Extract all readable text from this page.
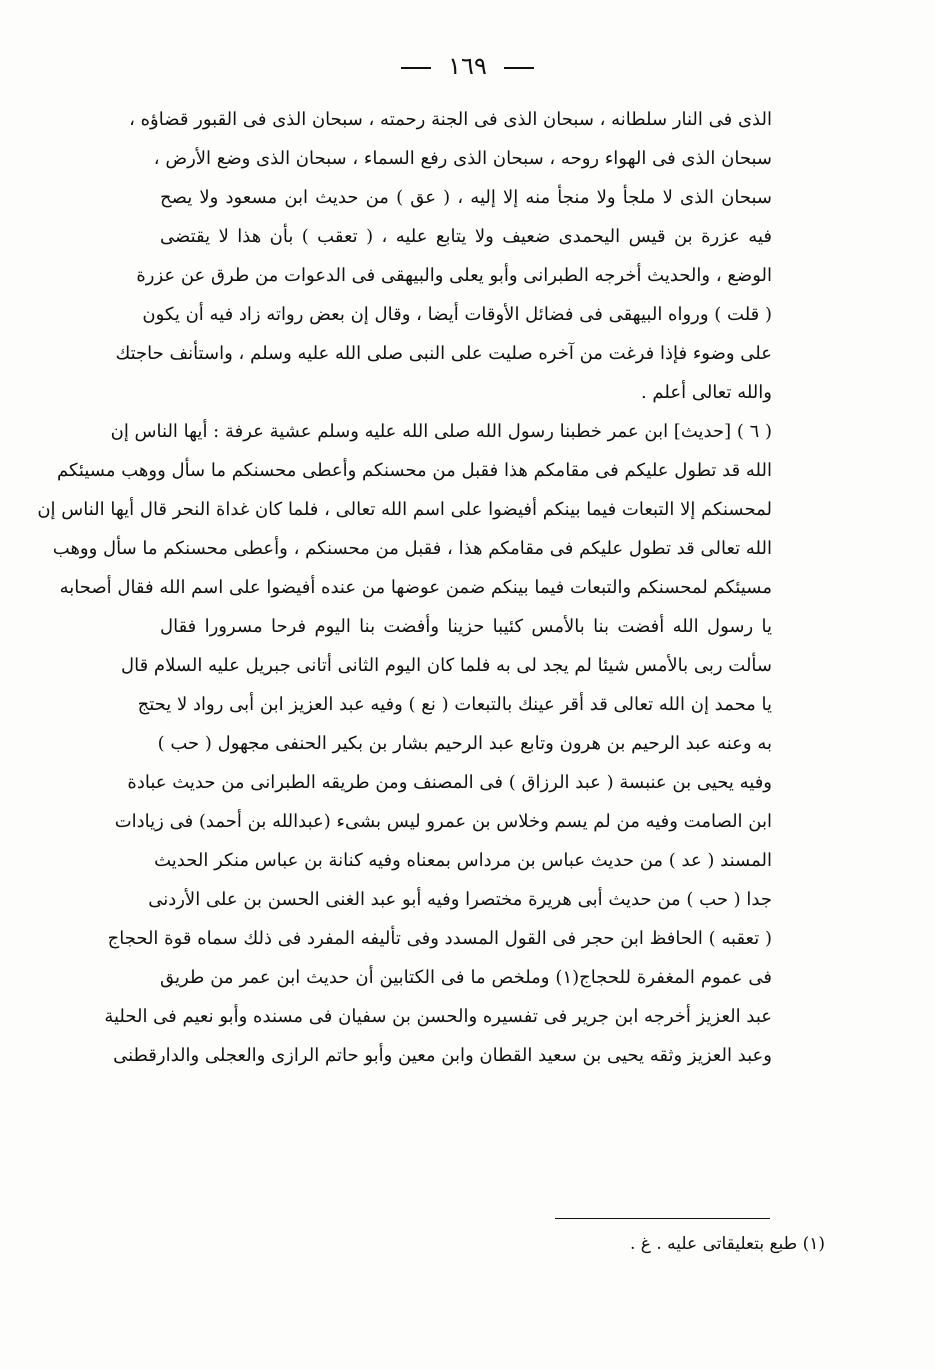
١٦٩
الذى فى النار سلطانه ، سبحان الذى فى الجنة رحمته ، سبحان الذى فى القبور قضاؤه ،
سبحان الذى فى الهواء روحه ، سبحان الذى رفع السماء ، سبحان الذى وضع الأرض ،
سبحان الذى لا ملجأ ولا منجأ منه إلا إليه ، ( عق ) من حديث ابن مسعود ولا يصح
فيه عزرة بن قيس اليحمدى ضعيف ولا يتابع عليه ، ( تعقب ) بأن هذا لا يقتضى
الوضع ، والحديث أخرجه الطبرانى وأبو يعلى والبيهقى فى الدعوات من طرق عن عزرة
( قلت ) ورواه البيهقى فى فضائل الأوقات أيضا ، وقال إن بعض رواته زاد فيه أن يكون
على وضوء فإذا فرغت من آخره صليت على النبى صلى الله عليه وسلم ، واستأنف حاجتك
والله تعالى أعلم .
( ٦ ) [حديث] ابن عمر خطبنا رسول الله صلى الله عليه وسلم عشية عرفة : أيها الناس إن
الله قد تطول عليكم فى مقامكم هذا فقبل من محسنكم وأعطى محسنكم ما سأل ووهب مسيئكم
لمحسنكم إلا التبعات فيما بينكم أفيضوا على اسم الله تعالى ، فلما كان غداة النحر قال أيها الناس إن
الله تعالى قد تطول عليكم فى مقامكم هذا ، فقبل من محسنكم ، وأعطى محسنكم ما سأل ووهب
مسيئكم لمحسنكم والتبعات فيما بينكم ضمن عوضها من عنده أفيضوا على اسم الله فقال أصحابه
يا رسول الله أفضت بنا بالأمس كئيبا حزينا وأفضت بنا اليوم فرحا مسرورا فقال
سألت ربى بالأمس شيئا لم يجد لى به فلما كان اليوم الثانى أتانى جبريل عليه السلام قال
يا محمد إن الله تعالى قد أقر عينك بالتبعات ( نع ) وفيه عبد العزيز ابن أبى رواد لا يحتج
به وعنه عبد الرحيم بن هرون وتابع عبد الرحيم بشار بن بكير الحنفى مجهول ( حب )
وفيه يحيى بن عنبسة ( عبد الرزاق ) فى المصنف ومن طريقه الطبرانى من حديث عبادة
ابن الصامت وفيه من لم يسم وخلاس بن عمرو ليس بشىء (عبدالله بن أحمد) فى زيادات
المسند ( عد ) من حديث عباس بن مرداس بمعناه وفيه كنانة بن عباس منكر الحديث
جدا ( حب ) من حديث أبى هريرة مختصرا وفيه أبو عبد الغنى الحسن بن على الأردنى
( تعقبه ) الحافظ ابن حجر فى القول المسدد وفى تأليفه المفرد فى ذلك سماه قوة الحجاج
فى عموم المغفرة للحجاج(١) وملخص ما فى الكتابين أن حديث ابن عمر من طريق
عبد العزيز أخرجه ابن جرير فى تفسيره والحسن بن سفيان فى مسنده وأبو نعيم فى الحلية
وعبد العزيز وثقه يحيى بن سعيد القطان وابن معين وأبو حاتم الرازى والعجلى والدارقطنى
(١) طبع بتعليقاتى عليه . غ .
